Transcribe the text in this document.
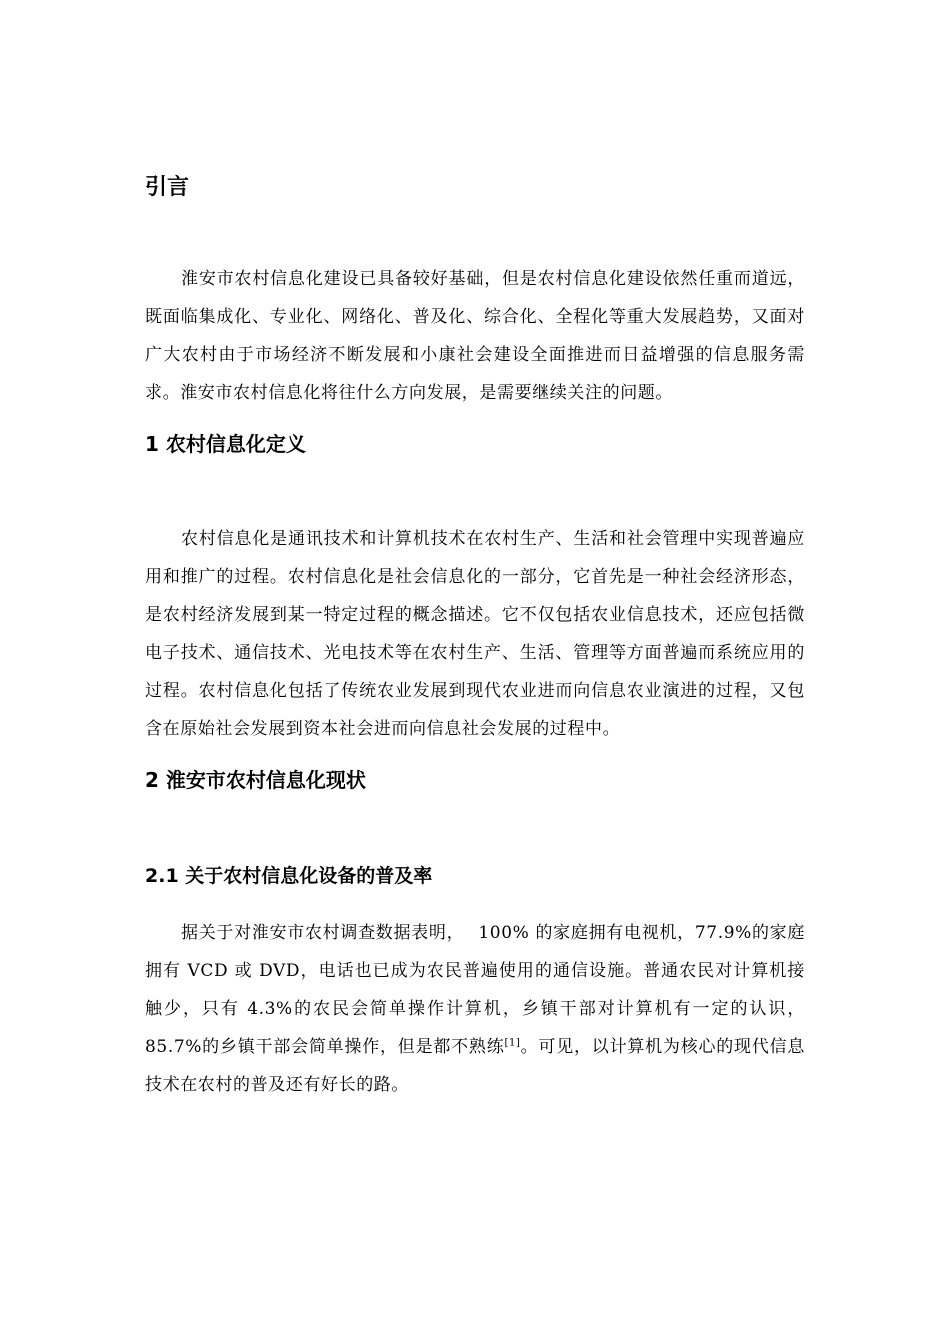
引言

淮安市农村信息化建设已具备较好基础，但是农村信息化建设依然任重而道远，既面临集成化、专业化、网络化、普及化、综合化、全程化等重大发展趋势，又面对广大农村由于市场经济不断发展和小康社会建设全面推进而日益增强的信息服务需求。淮安市农村信息化将往什么方向发展，是需要继续关注的问题。

1 农村信息化定义

农村信息化是通讯技术和计算机技术在农村生产、生活和社会管理中实现普遍应用和推广的过程。农村信息化是社会信息化的一部分，它首先是一种社会经济形态，是农村经济发展到某一特定过程的概念描述。它不仅包括农业信息技术，还应包括微电子技术、通信技术、光电技术等在农村生产、生活、管理等方面普遍而系统应用的过程。农村信息化包括了传统农业发展到现代农业进而向信息农业演进的过程，又包含在原始社会发展到资本社会进而向信息社会发展的过程中。

2 淮安市农村信息化现状
2.1 关于农村信息化设备的普及率

据关于对淮安市农村调查数据表明， 100% 的家庭拥有电视机，77.9%的家庭拥有 VCD 或 DVD，电话也已成为农民普遍使用的通信设施。普通农民对计算机接触少，只有 4.3%的农民会简单操作计算机，乡镇干部对计算机有一定的认识，85.7%的乡镇干部会简单操作，但是都不熟练[1]。可见，以计算机为核心的现代信息技术在农村的普及还有好长的路。
